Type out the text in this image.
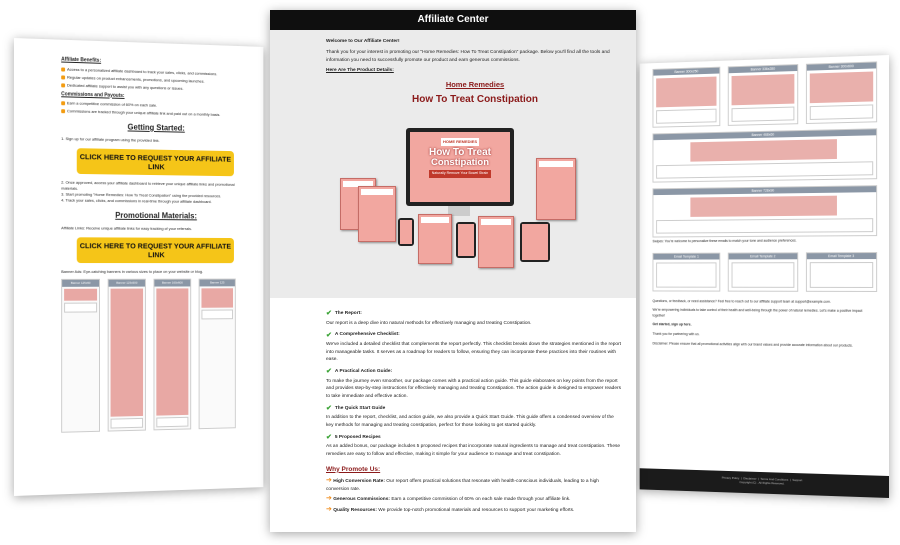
Affiliate Benefits:
Access to a personalized affiliate dashboard to track your sales, clicks, and commissions.
Regular updates on product enhancements, promotions, and upcoming launches.
Dedicated affiliate support to assist you with any questions or issues.
Commissions and Payouts:
Earn a competitive commission of 60% on each sale.
Commissions are tracked through your unique affiliate link and paid out on a monthly basis.
Getting Started:
1. Sign up for our affiliate program using the provided link.
CLICK HERE TO REQUEST YOUR AFFILIATE LINK
2. Once approved, access your affiliate dashboard to retrieve your unique affiliate links and promotional materials.
3. Start promoting "Home Remedies: How To Treat Constipation" using the provided resources.
4. Track your sales, clicks, and commissions in real-time through your affiliate dashboard.
Promotional Materials:
Affiliate Links: Receive unique affiliate links for easy tracking of your referrals.
CLICK HERE TO REQUEST YOUR AFFILIATE LINK
Banner Ads: Eye-catching banners in various sizes to place on your website or blog.
Banner 125x60	Banner 125x500	Banner 160x600	Banner 125
Banner 300x250
Banner 336x280
Banner 300x600
Banner 468x60
Banner 728x90
Swipes: You're welcome to personalize these emails to match your tone and audience preferences.
Email Template 1	Email Template 2	Email Template 3
Questions, or feedback, or need assistance? Feel free to reach out to our affiliate support team at support@example.com.
We're empowering individuals to take control of their health and well-being through the power of natural remedies. Let's make a positive impact together!
Get started, sign up here.
Thank you for partnering with us.
Disclaimer: Please ensure that all promotional activities align with our brand values and provide accurate information about our products.
Privacy Policy  |  Disclaimer  |  Terms And Conditions  |  Support
Copyright (C) . All Rights Reserved.
Affiliate Center
Welcome to Our Affiliate Center!
Thank you for your interest in promoting our "Home Remedies: How To Treat Constipation" package. Below you'll find all the tools and information you need to successfully promote our product and earn generous commissions.
Here Are The Product Details:
Home Remedies
How To Treat Constipation
HOME REMEDIES
How To Treat
Constipation
Naturally Remove Your Bowel Strain
✔ The Report:
Our report is a deep dive into natural methods for effectively managing and treating Constipation.
✔ A Comprehensive Checklist:
We've included a detailed checklist that complements the report perfectly. This checklist breaks down the strategies mentioned in the report into manageable tasks. It serves as a roadmap for readers to follow, ensuring they can incorporate these practices into their routines with ease.
✔ A Practical Action Guide:
To make the journey even smoother, our package comes with a practical action guide. This guide elaborates on key points from the report and provides step-by-step instructions for effectively managing and treating Constipation. The action guide is designed to empower readers to take immediate and effective action.
✔ The Quick Start Guide
In addition to the report, checklist, and action guide, we also provide a Quick Start Guide. This guide offers a condensed overview of the key methods for managing and treating constipation, perfect for those looking to get started quickly.
✔ 5 Proposed Recipes
As an added bonus, our package includes 5 proposed recipes that incorporate natural ingredients to manage and treat constipation. These remedies are easy to follow and effective, making it simple for your audience to manage and treat constipation.
Why Promote Us:
➔ High Conversion Rate: Our report offers practical solutions that resonate with health-conscious individuals, leading to a high conversion rate.
➔ Generous Commissions: Earn a competitive commission of 60% on each sale made through your affiliate link.
➔ Quality Resources: We provide top-notch promotional materials and resources to support your marketing efforts.
